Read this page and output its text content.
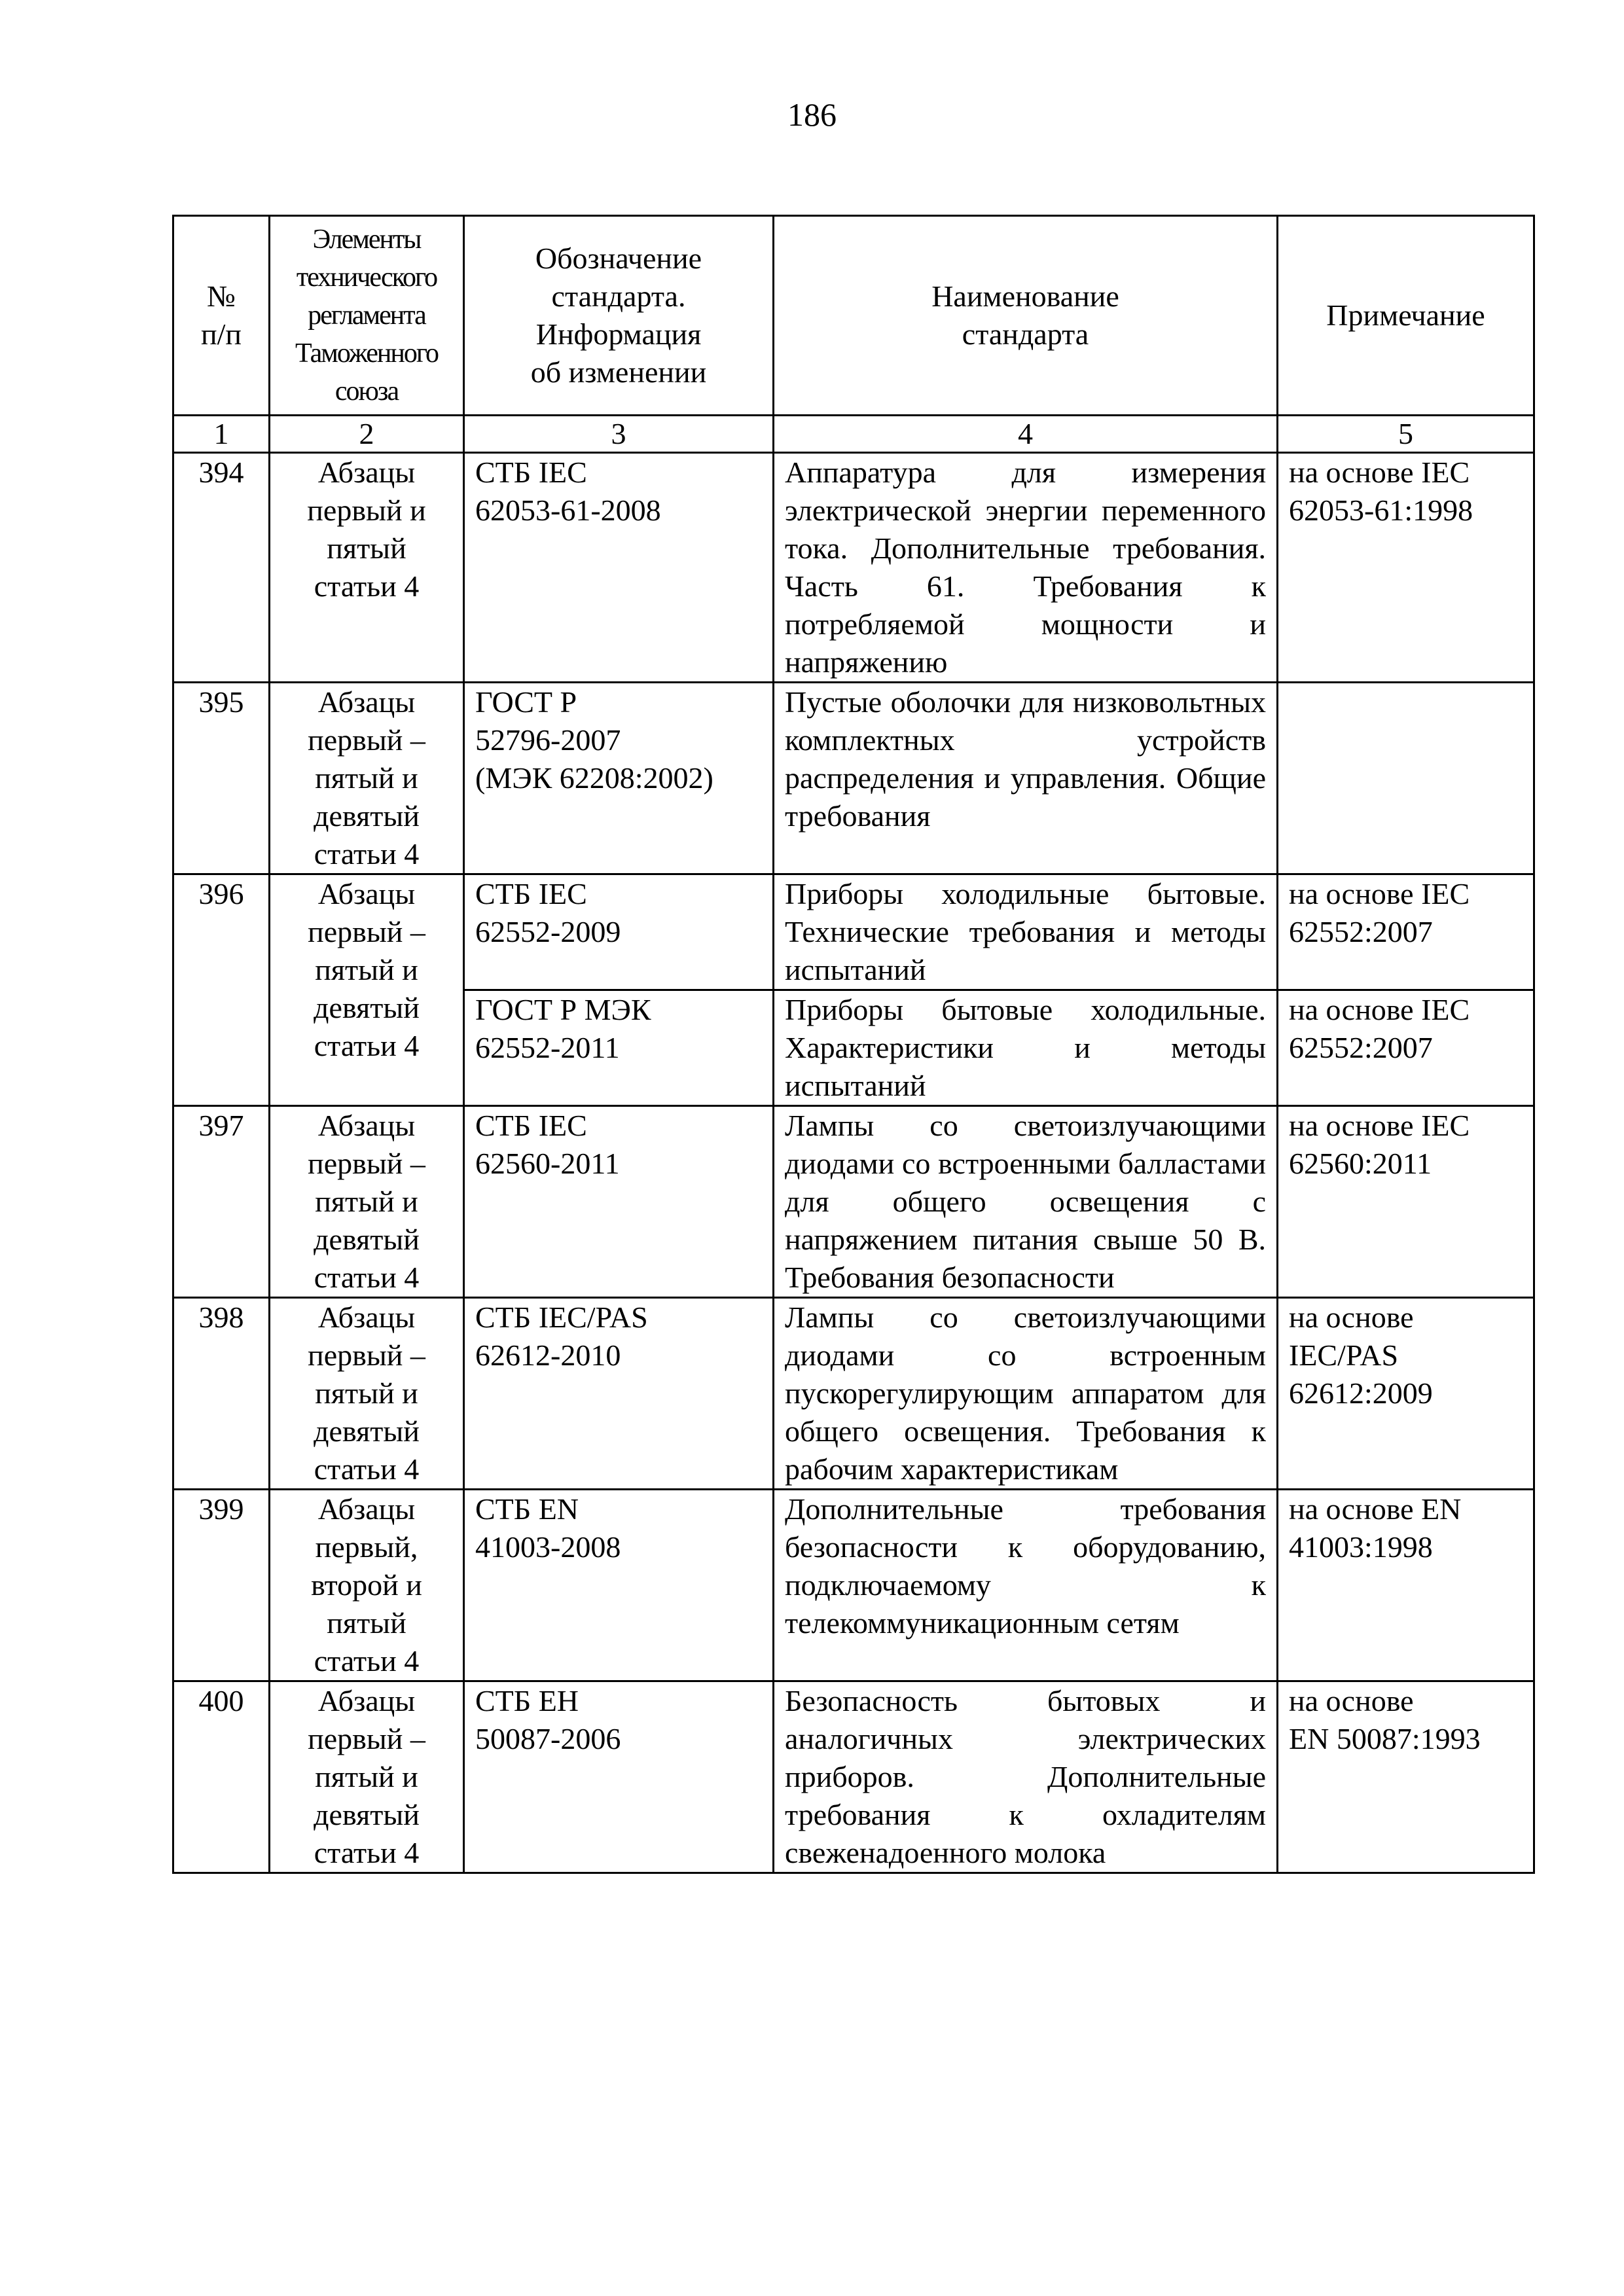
186
№
п/п	Элементы
технического
регламента
Таможенного
союза	Обозначение
стандарта.
Информация
об изменении	Наименование
стандарта	Примечание

1	2	3	4	5
394	Абзацы
первый и
пятый
статьи 4	СТБ IEC
62053-61-2008	Аппаратура для измерения электрической энергии переменного тока. Дополнительные требования. Часть 61. Требования к потребляемой мощности и напряжению	на основе IEC
62053-61:1998

395	Абзацы
первый –
пятый и
девятый
статьи 4	ГОСТ Р
52796-2007
(МЭК 62208:2002)	Пустые оболочки для низковольтных комплектных устройств распределения и управления. Общие требования	

396	Абзацы
первый –
пятый и
девятый
статьи 4	СТБ IEC
62552-2009	Приборы холодильные бытовые. Технические требования и методы испытаний	на основе IEC
62552:2007

		ГОСТ Р МЭК
62552-2011	Приборы бытовые холодильные. Характеристики и методы испытаний	на основе IEC
62552:2007

397	Абзацы
первый –
пятый и
девятый
статьи 4	СТБ IEC
62560-2011	Лампы со светоизлучающими диодами со встроенными балластами для общего освещения с напряжением питания свыше 50 В. Требования безопасности	на основе IEC
62560:2011

398	Абзацы
первый –
пятый и
девятый
статьи 4	СТБ IEC/PAS
62612-2010	Лампы со светоизлучающими диодами со встроенным пускорегулирующим аппаратом для общего освещения. Требования к рабочим характеристикам	на основе
IEC/PAS
62612:2009

399	Абзацы
первый,
второй и
пятый
статьи 4	СТБ EN
41003-2008	Дополнительные требования безопасности к оборудованию, подключаемому к телекоммуникационным сетям	на основе EN
41003:1998

400	Абзацы
первый –
пятый и
девятый
статьи 4	СТБ ЕН
50087-2006	Безопасность бытовых и аналогичных электрических приборов. Дополнительные требования к охладителям свеженадоенного молока	на основе
EN 50087:1993
